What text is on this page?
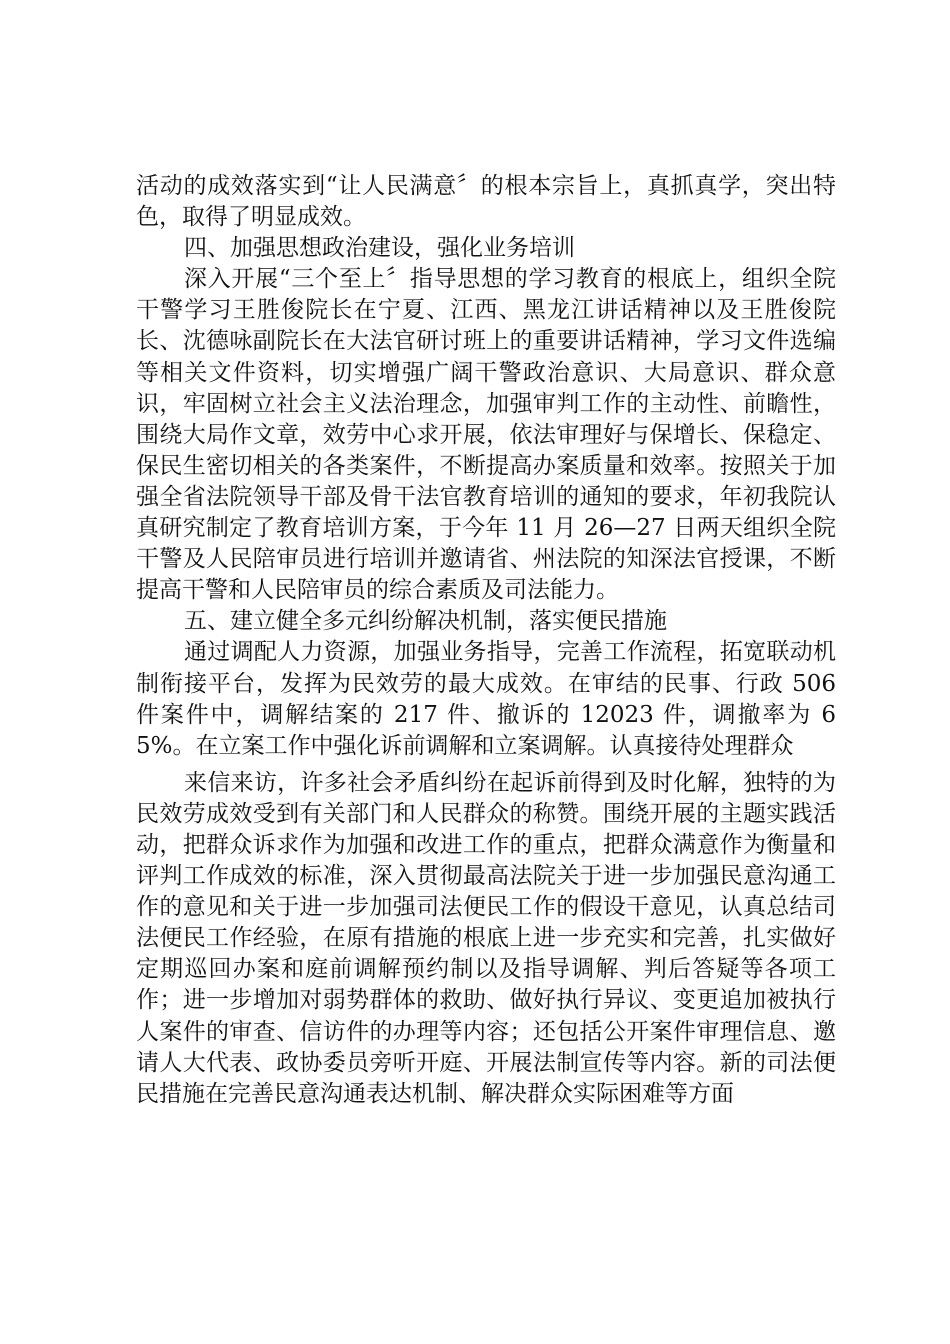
活动的成效落实到“让人民满意〞的根本宗旨上，真抓真学，突出特色，取得了明显成效。

四、加强思想政治建设，强化业务培训

深入开展“三个至上〞指导思想的学习教育的根底上，组织全院干警学习王胜俊院长在宁夏、江西、黑龙江讲话精神以及王胜俊院长、沈德咏副院长在大法官研讨班上的重要讲话精神，学习文件选编等相关文件资料，切实增强广阔干警政治意识、大局意识、群众意识，牢固树立社会主义法治理念，加强审判工作的主动性、前瞻性，围绕大局作文章，效劳中心求开展，依法审理好与保增长、保稳定、保民生密切相关的各类案件，不断提高办案质量和效率。按照关于加强全省法院领导干部及骨干法官教育培训的通知的要求，年初我院认真研究制定了教育培训方案，于今年 11 月 26—27 日两天组织全院干警及人民陪审员进行培训并邀请省、州法院的知深法官授课，不断提高干警和人民陪审员的综合素质及司法能力。

五、建立健全多元纠纷解决机制，落实便民措施

通过调配人力资源，加强业务指导，完善工作流程，拓宽联动机制衔接平台，发挥为民效劳的最大成效。在审结的民事、行政 506 件案件中，调解结案的 217 件、撤诉的 12023 件，调撤率为 65%。在立案工作中强化诉前调解和立案调解。认真接待处理群众

来信来访，许多社会矛盾纠纷在起诉前得到及时化解，独特的为民效劳成效受到有关部门和人民群众的称赞。围绕开展的主题实践活动，把群众诉求作为加强和改进工作的重点，把群众满意作为衡量和评判工作成效的标准，深入贯彻最高法院关于进一步加强民意沟通工作的意见和关于进一步加强司法便民工作的假设干意见，认真总结司法便民工作经验，在原有措施的根底上进一步充实和完善，扎实做好定期巡回办案和庭前调解预约制以及指导调解、判后答疑等各项工作；进一步增加对弱势群体的救助、做好执行异议、变更追加被执行人案件的审查、信访件的办理等内容；还包括公开案件审理信息、邀请人大代表、政协委员旁听开庭、开展法制宣传等内容。新的司法便民措施在完善民意沟通表达机制、解决群众实际困难等方面
